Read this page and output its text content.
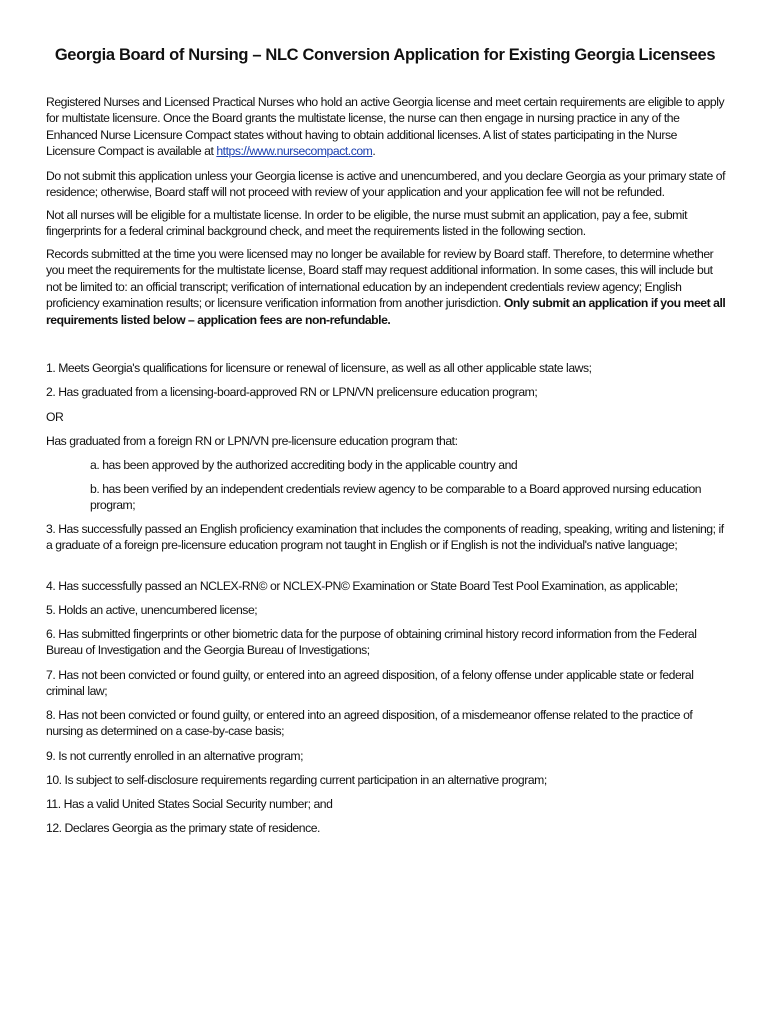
Georgia Board of Nursing – NLC Conversion Application for Existing Georgia Licensees

Registered Nurses and Licensed Practical Nurses who hold an active Georgia license and meet certain requirements are eligible to apply for multistate licensure. Once the Board grants the multistate license, the nurse can then engage in nursing practice in any of the Enhanced Nurse Licensure Compact states without having to obtain additional licenses. A list of states participating in the Nurse Licensure Compact is available at https://www.nursecompact.com.

Do not submit this application unless your Georgia license is active and unencumbered, and you declare Georgia as your primary state of residence; otherwise, Board staff will not proceed with review of your application and your application fee will not be refunded.

Not all nurses will be eligible for a multistate license. In order to be eligible, the nurse must submit an application, pay a fee, submit fingerprints for a federal criminal background check, and meet the requirements listed in the following section.

Records submitted at the time you were licensed may no longer be available for review by Board staff. Therefore, to determine whether you meet the requirements for the multistate license, Board staff may request additional information. In some cases, this will include but not be limited to: an official transcript; verification of international education by an independent credentials review agency; English proficiency examination results; or licensure verification information from another jurisdiction. Only submit an application if you meet all requirements listed below – application fees are non-refundable.

1. Meets Georgia's qualifications for licensure or renewal of licensure, as well as all other applicable state laws;

2. Has graduated from a licensing-board-approved RN or LPN/VN prelicensure education program;

OR

Has graduated from a foreign RN or LPN/VN pre-licensure education program that:

a. has been approved by the authorized accrediting body in the applicable country and

b. has been verified by an independent credentials review agency to be comparable to a Board approved nursing education program;

3. Has successfully passed an English proficiency examination that includes the components of reading, speaking, writing and listening; if a graduate of a foreign pre-licensure education program not taught in English or if English is not the individual's native language;

4. Has successfully passed an NCLEX-RN© or NCLEX-PN© Examination or State Board Test Pool Examination, as applicable;

5. Holds an active, unencumbered license;

6. Has submitted fingerprints or other biometric data for the purpose of obtaining criminal history record information from the Federal Bureau of Investigation and the Georgia Bureau of Investigations;

7. Has not been convicted or found guilty, or entered into an agreed disposition, of a felony offense under applicable state or federal criminal law;

8. Has not been convicted or found guilty, or entered into an agreed disposition, of a misdemeanor offense related to the practice of nursing as determined on a case-by-case basis;

9. Is not currently enrolled in an alternative program;

10. Is subject to self-disclosure requirements regarding current participation in an alternative program;

11. Has a valid United States Social Security number; and

12. Declares Georgia as the primary state of residence.
